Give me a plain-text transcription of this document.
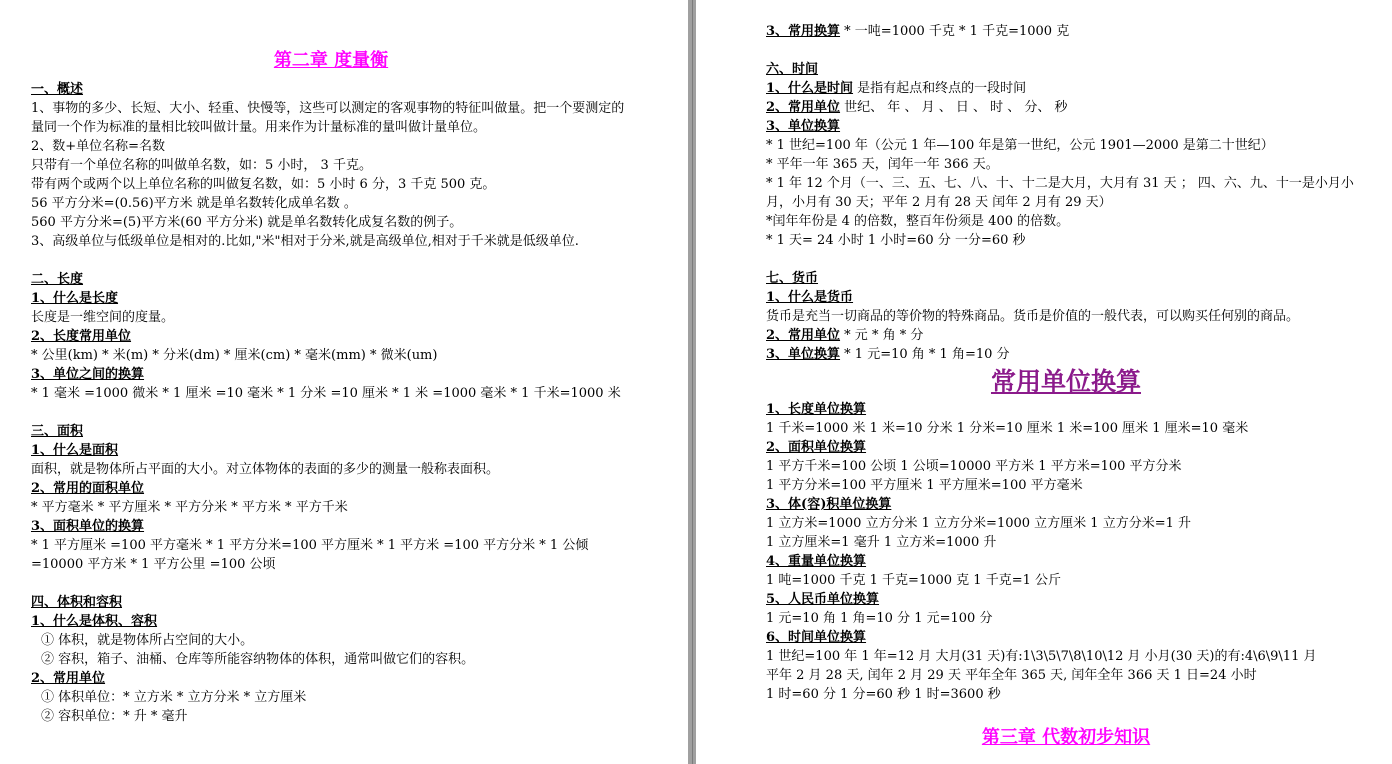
第二章 度量衡
一、概述
1、事物的多少、长短、大小、轻重、快慢等，这些可以测定的客观事物的特征叫做量。把一个要测定的量同一个作为标准的量相比较叫做计量。用来作为计量标准的量叫做计量单位。
2、数+单位名称=名数
只带有一个单位名称的叫做单名数，如：5 小时， 3 千克。
带有两个或两个以上单位名称的叫做复名数，如：5 小时 6 分，3 千克 500 克。
56 平方分米=(0.56)平方米 就是单名数转化成单名数 。
560 平方分米=(5)平方米(60 平方分米) 就是单名数转化成复名数的例子。
3、高级单位与低级单位是相对的.比如,"米"相对于分米,就是高级单位,相对于千米就是低级单位.
二、长度
1、什么是长度
长度是一维空间的度量。
2、长度常用单位
* 公里(km) * 米(m) * 分米(dm) * 厘米(cm) * 毫米(mm) * 微米(um)
3、单位之间的换算
* 1 毫米 =1000 微米 * 1 厘米 =10 毫米 * 1 分米 =10 厘米 * 1 米 =1000 毫米 * 1 千米=1000 米
三、面积
1、什么是面积
面积，就是物体所占平面的大小。对立体物体的表面的多少的测量一般称表面积。
2、常用的面积单位
* 平方毫米 * 平方厘米 * 平方分米 * 平方米 * 平方千米
3、面积单位的换算
* 1 平方厘米 =100 平方毫米 * 1 平方分米=100 平方厘米 * 1 平方米 =100 平方分米 * 1 公倾 =10000 平方米 * 1 平方公里 =100 公顷
四、体积和容积
1、什么是体积、容积
① 体积，就是物体所占空间的大小。
② 容积，箱子、油桶、仓库等所能容纳物体的体积，通常叫做它们的容积。
2、常用单位
① 体积单位：* 立方米 * 立方分米 * 立方厘米
② 容积单位：* 升 * 毫升
3、常用换算 * 一吨=1000 千克 * 1 千克=1000 克
六、时间
1、什么是时间 是指有起点和终点的一段时间
2、常用单位 世纪、 年 、 月 、 日 、 时 、 分、 秒
3、单位换算
* 1 世纪=100 年（公元 1 年—100 年是第一世纪，公元 1901—2000 是第二十世纪）
* 平年一年 365 天，闰年一年 366 天。
* 1 年 12 个月（一、三、五、七、八、十、十二是大月，大月有 31 天 ； 四、六、九、十一是小月小月，小月有 30 天；平年 2 月有 28 天 闰年 2 月有 29 天）
*闰年年份是 4 的倍数，整百年份须是 400 的倍数。
* 1 天= 24 小时 1 小时=60 分 一分=60 秒
七、货币
1、什么是货币
货币是充当一切商品的等价物的特殊商品。货币是价值的一般代表，可以购买任何别的商品。
2、常用单位 * 元 * 角 * 分
3、单位换算 * 1 元=10 角 * 1 角=10 分
常用单位换算
1、长度单位换算
1 千米=1000 米 1 米=10 分米 1 分米=10 厘米 1 米=100 厘米 1 厘米=10 毫米
2、面积单位换算
1 平方千米=100 公顷 1 公顷=10000 平方米 1 平方米=100 平方分米
1 平方分米=100 平方厘米 1 平方厘米=100 平方毫米
3、体(容)积单位换算
1 立方米=1000 立方分米 1 立方分米=1000 立方厘米 1 立方分米=1 升
1 立方厘米=1 毫升 1 立方米=1000 升
4、重量单位换算
1 吨=1000 千克 1 千克=1000 克 1 千克=1 公斤
5、人民币单位换算
1 元=10 角 1 角=10 分 1 元=100 分
6、时间单位换算
1 世纪=100 年 1 年=12 月 大月(31 天)有:1\3\5\7\8\10\12 月 小月(30 天)的有:4\6\9\11 月
平年 2 月 28 天, 闰年 2 月 29 天 平年全年 365 天, 闰年全年 366 天 1 日=24 小时
1 时=60 分 1 分=60 秒 1 时=3600 秒
第三章 代数初步知识
